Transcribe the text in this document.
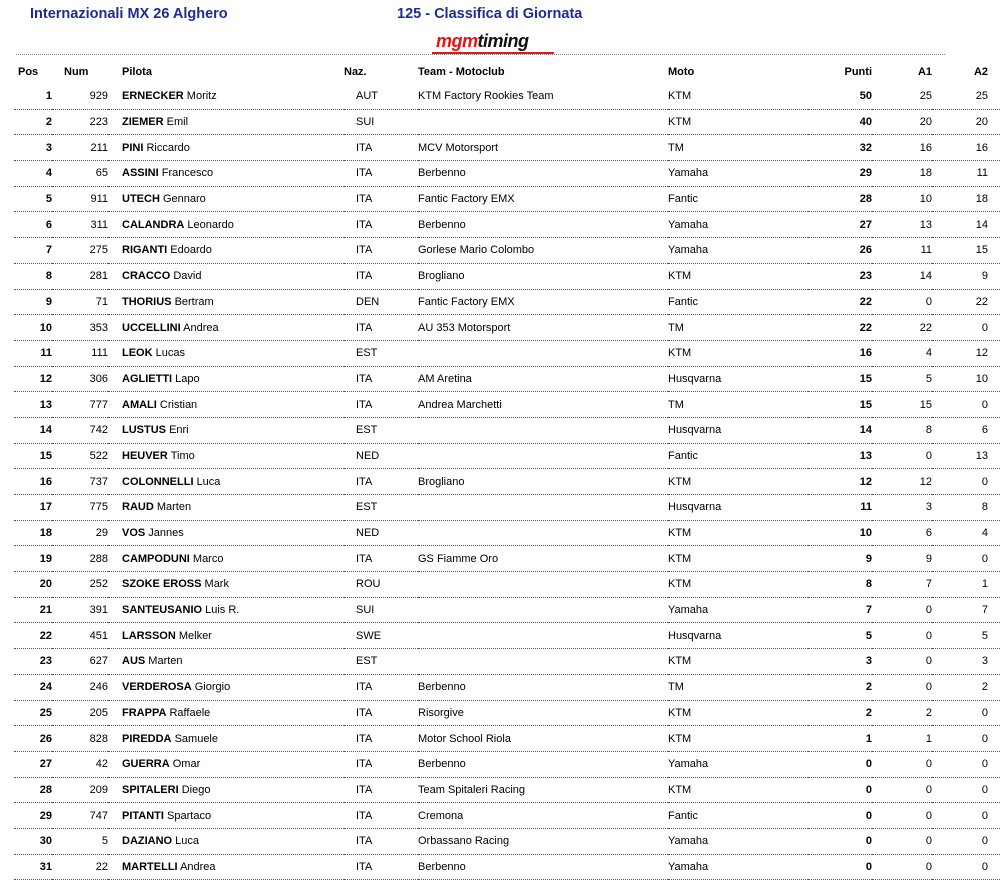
Internazionali MX 26 Alghero	125 - Classifica di Giornata
mgmtiming
Pos	Num	Pilota	Naz.	Team - Motoclub	Moto	Punti	A1	A2
1	929	ERNECKER Moritz	AUT	KTM Factory Rookies Team	KTM	50	25	25
2	223	ZIEMER Emil	SUI		KTM	40	20	20
3	211	PINI Riccardo	ITA	MCV Motorsport	TM	32	16	16
4	65	ASSINI Francesco	ITA	Berbenno	Yamaha	29	18	11
5	911	UTECH Gennaro	ITA	Fantic Factory EMX	Fantic	28	10	18
6	311	CALANDRA Leonardo	ITA	Berbenno	Yamaha	27	13	14
7	275	RIGANTI Edoardo	ITA	Gorlese Mario Colombo	Yamaha	26	11	15
8	281	CRACCO David	ITA	Brogliano	KTM	23	14	9
9	71	THORIUS Bertram	DEN	Fantic Factory EMX	Fantic	22	0	22
10	353	UCCELLINI Andrea	ITA	AU 353 Motorsport	TM	22	22	0
11	111	LEOK Lucas	EST		KTM	16	4	12
12	306	AGLIETTI Lapo	ITA	AM Aretina	Husqvarna	15	5	10
13	777	AMALI Cristian	ITA	Andrea Marchetti	TM	15	15	0
14	742	LUSTUS Enri	EST		Husqvarna	14	8	6
15	522	HEUVER Timo	NED		Fantic	13	0	13
16	737	COLONNELLI Luca	ITA	Brogliano	KTM	12	12	0
17	775	RAUD Marten	EST		Husqvarna	11	3	8
18	29	VOS Jannes	NED		KTM	10	6	4
19	288	CAMPODUNI Marco	ITA	GS Fiamme Oro	KTM	9	9	0
20	252	SZOKE EROSS Mark	ROU		KTM	8	7	1
21	391	SANTEUSANIO Luis R.	SUI		Yamaha	7	0	7
22	451	LARSSON Melker	SWE		Husqvarna	5	0	5
23	627	AUS Marten	EST		KTM	3	0	3
24	246	VERDEROSA Giorgio	ITA	Berbenno	TM	2	0	2
25	205	FRAPPA Raffaele	ITA	Risorgive	KTM	2	2	0
26	828	PIREDDA Samuele	ITA	Motor School Riola	KTM	1	1	0
27	42	GUERRA Omar	ITA	Berbenno	Yamaha	0	0	0
28	209	SPITALERI Diego	ITA	Team Spitaleri Racing	KTM	0	0	0
29	747	PITANTI Spartaco	ITA	Cremona	Fantic	0	0	0
30	5	DAZIANO Luca	ITA	Orbassano Racing	Yamaha	0	0	0
31	22	MARTELLI Andrea	ITA	Berbenno	Yamaha	0	0	0
